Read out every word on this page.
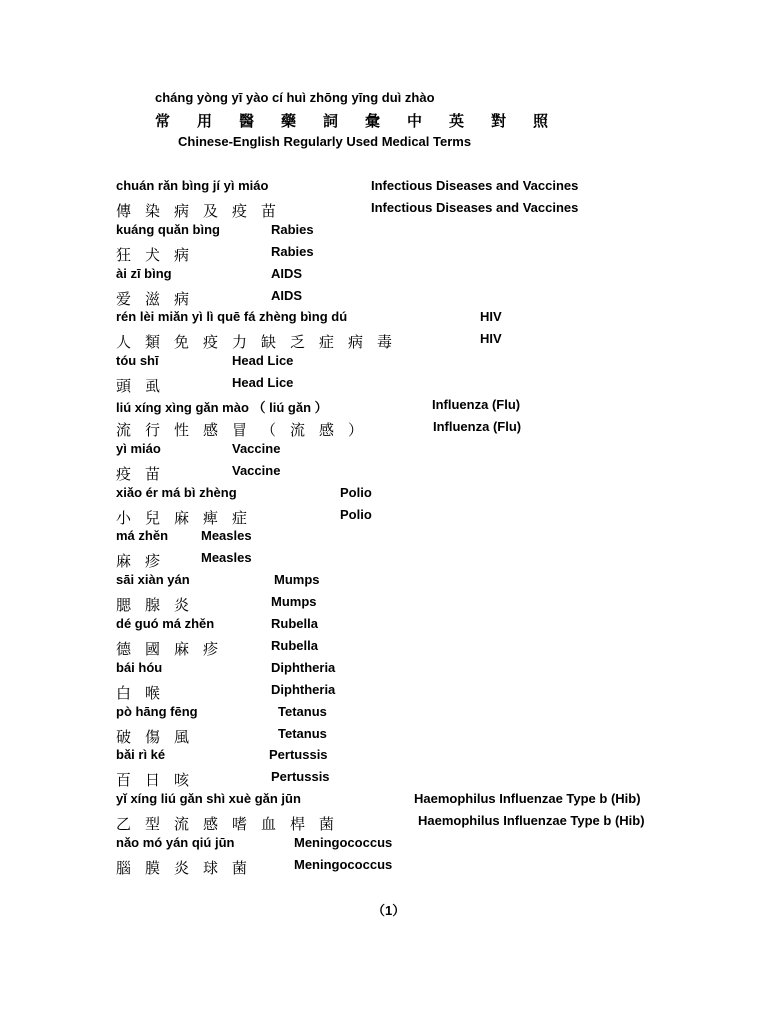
cháng yòng yī yào cí huì zhōng yīng duì zhào
常用醫藥詞彙中英對照
Chinese-English Regularly Used Medical Terms
chuán rǎn bìng jí yì miáo	Infectious Diseases and Vaccines
傳染病及疫苗	Infectious Diseases and Vaccines
kuáng quǎn bìng	Rabies
狂犬病	Rabies
ài zī bìng	AIDS
爱滋病	AIDS
rén lèi miǎn yì lì quē fá zhèng bìng dú	HIV
人類免疫力缺乏症病毒	HIV
tóu shī	Head Lice
頭虱	Head Lice
liú xíng xìng gǎn mào （ liú gǎn ）	Influenza (Flu)
流行性感冒（流感）	Influenza (Flu)
yì miáo	Vaccine
疫苗	Vaccine
xiǎo ér má bì zhèng	Polio
小兒麻痺症	Polio
má zhěn	Measles
麻疹 Measles
sāi xiàn yán	Mumps
腮腺炎	Mumps
dé guó má zhěn	Rubella
德國麻疹	Rubella
bái hóu	Diphtheria
白喉	Diphtheria
pò hāng fēng	Tetanus
破傷風	Tetanus
bǎi rì ké	Pertussis
百日咳	Pertussis
yǐ xíng liú gǎn shì xuè gǎn jūn	Haemophilus Influenzae Type b (Hib)
乙型流感嗜血桿菌	Haemophilus Influenzae Type b (Hib)
nǎo mó yán qiú jūn	Meningococcus
腦膜炎球菌	Meningococcus
（1）
